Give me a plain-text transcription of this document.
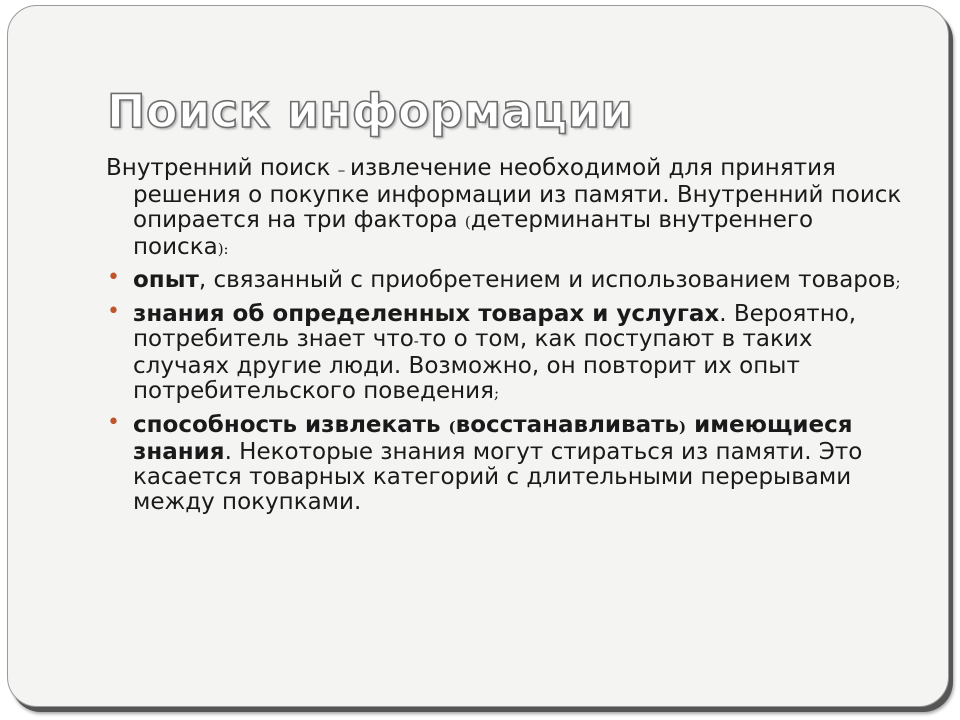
Поиск информации

Внутренний поиск – извлечение необходимой для принятия решения о покупке информации из памяти. Внутренний поиск опирается на три фактора (детерминанты внутреннего поиска):

• опыт, связанный с приобретением и использованием товаров;
• знания об определенных товарах и услугах. Вероятно, потребитель знает что-то о том, как поступают в таких случаях другие люди. Возможно, он повторит их опыт потребительского поведения;
• способность извлекать (восстанавливать) имеющиеся знания. Некоторые знания могут стираться из памяти. Это касается товарных категорий с длительными перерывами между покупками.
